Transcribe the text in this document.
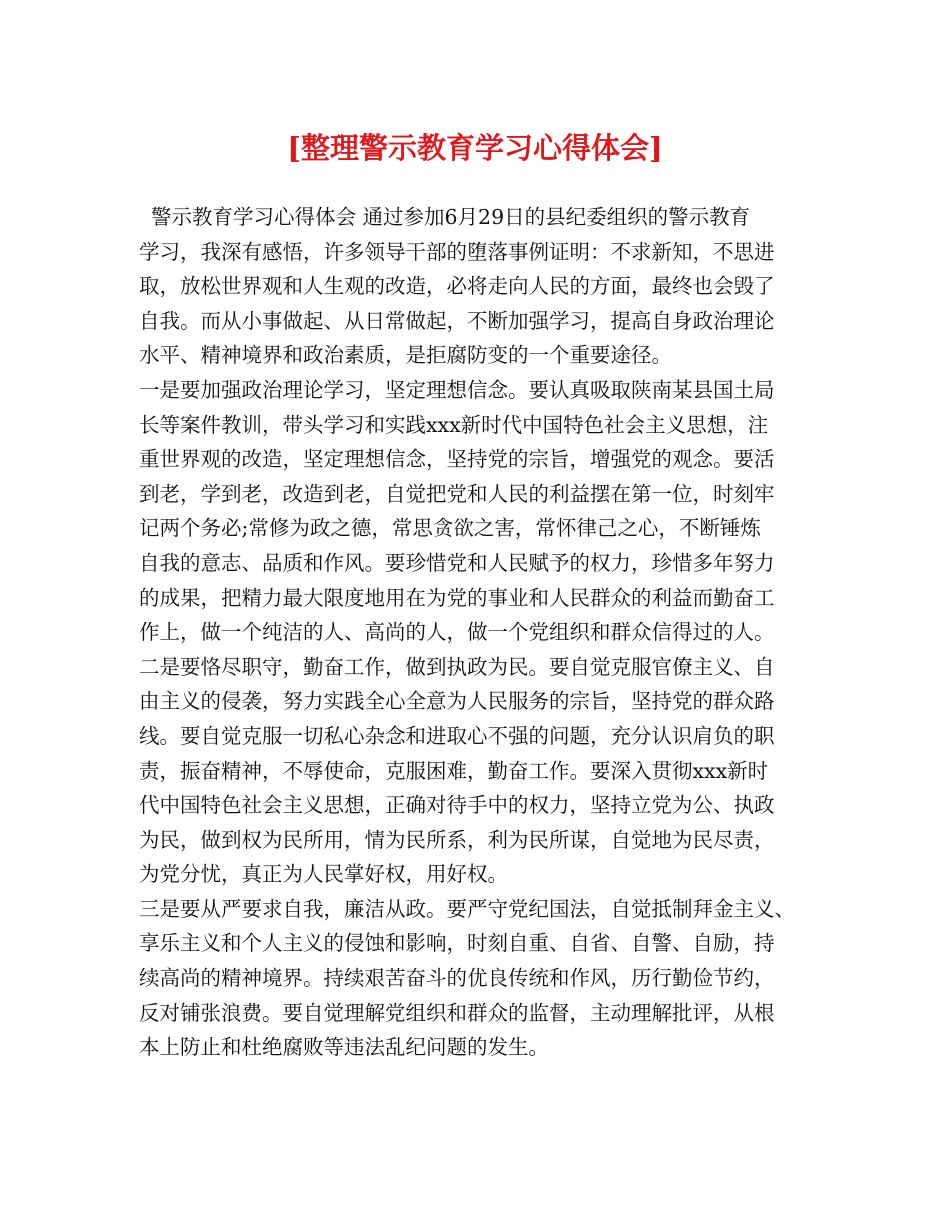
[整理警示教育学习心得体会]
警示教育学习心得体会 通过参加6月29日的县纪委组织的警示教育
学习，我深有感悟，许多领导干部的堕落事例证明：不求新知，不思进
取，放松世界观和人生观的改造，必将走向人民的方面，最终也会毁了
自我。而从小事做起、从日常做起，不断加强学习，提高自身政治理论
水平、精神境界和政治素质，是拒腐防变的一个重要途径。
一是要加强政治理论学习，坚定理想信念。要认真吸取陕南某县国土局
长等案件教训，带头学习和实践xxx新时代中国特色社会主义思想，注
重世界观的改造，坚定理想信念，坚持党的宗旨，增强党的观念。要活
到老，学到老，改造到老，自觉把党和人民的利益摆在第一位，时刻牢
记两个务必;常修为政之德，常思贪欲之害，常怀律己之心，不断锤炼
自我的意志、品质和作风。要珍惜党和人民赋予的权力，珍惜多年努力
的成果，把精力最大限度地用在为党的事业和人民群众的利益而勤奋工
作上，做一个纯洁的人、高尚的人，做一个党组织和群众信得过的人。
二是要恪尽职守，勤奋工作，做到执政为民。要自觉克服官僚主义、自
由主义的侵袭，努力实践全心全意为人民服务的宗旨，坚持党的群众路
线。要自觉克服一切私心杂念和进取心不强的问题，充分认识肩负的职
责，振奋精神，不辱使命，克服困难，勤奋工作。要深入贯彻xxx新时
代中国特色社会主义思想，正确对待手中的权力，坚持立党为公、执政
为民，做到权为民所用，情为民所系，利为民所谋，自觉地为民尽责，
为党分忧，真正为人民掌好权，用好权。
三是要从严要求自我，廉洁从政。要严守党纪国法，自觉抵制拜金主义、
享乐主义和个人主义的侵蚀和影响，时刻自重、自省、自警、自励，持
续高尚的精神境界。持续艰苦奋斗的优良传统和作风，历行勤俭节约，
反对铺张浪费。要自觉理解党组织和群众的监督，主动理解批评，从根
本上防止和杜绝腐败等违法乱纪问题的发生。
